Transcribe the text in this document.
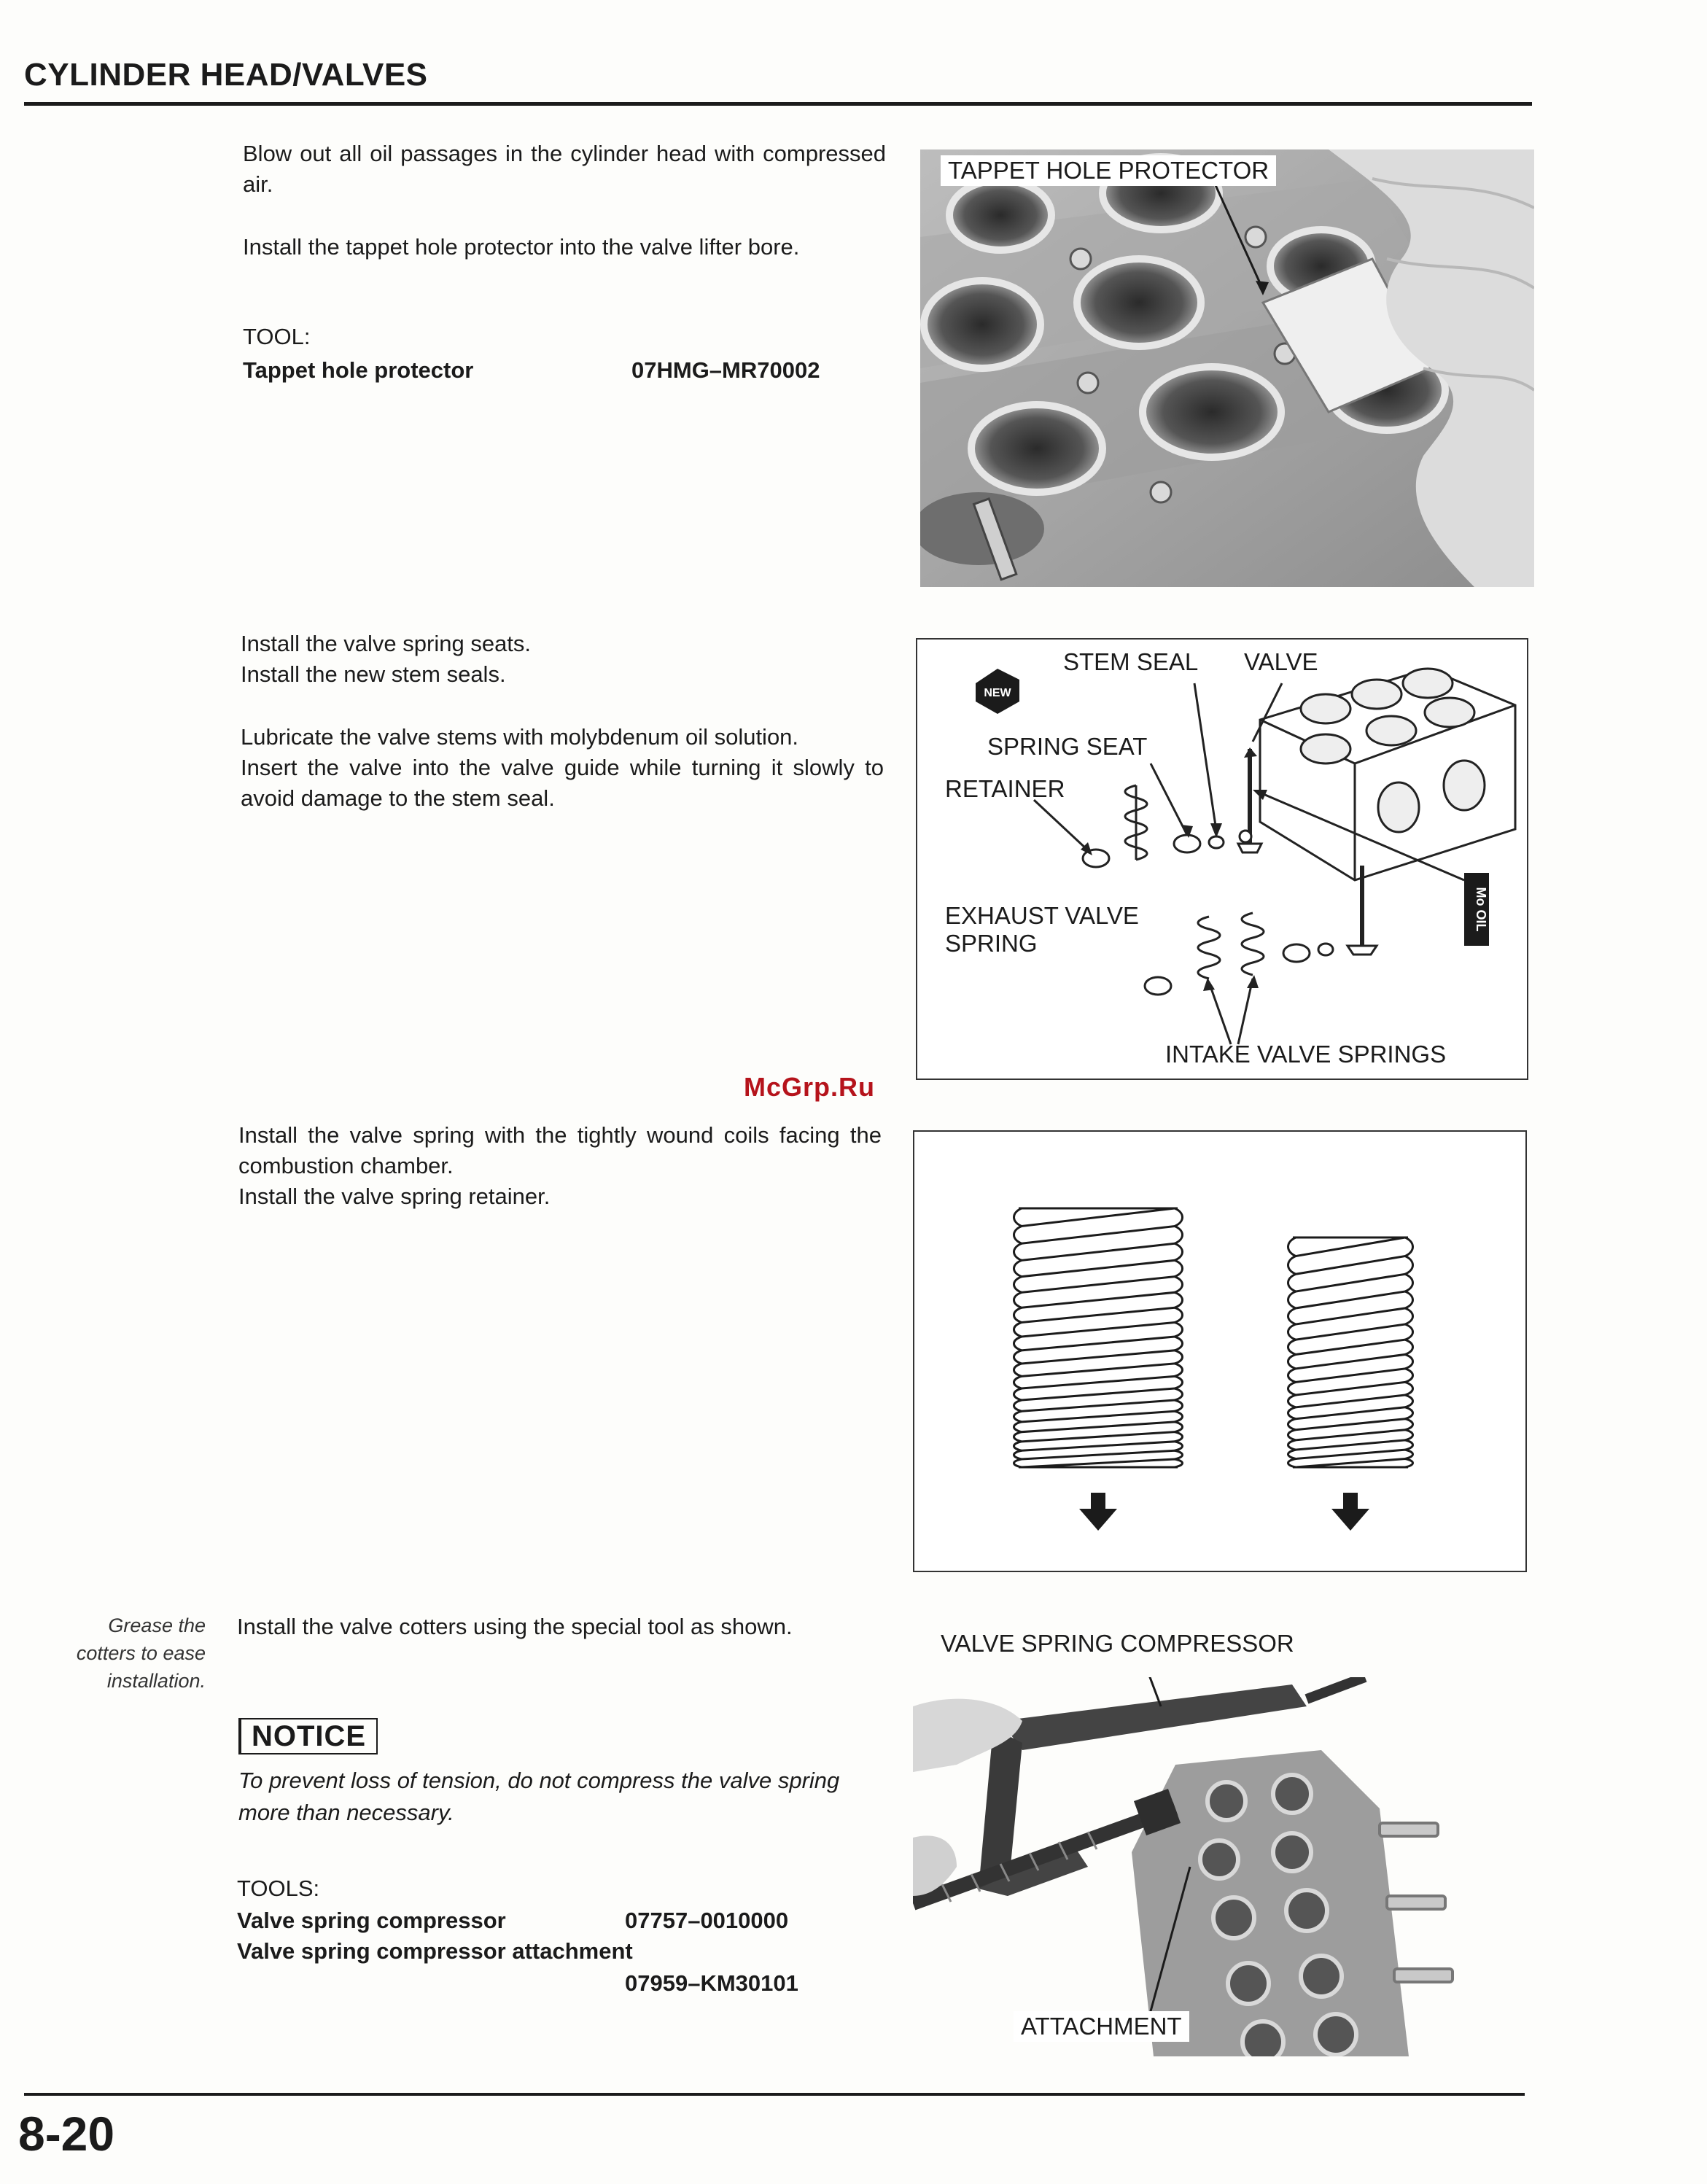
CYLINDER HEAD/VALVES
Blow out all oil passages in the cylinder head with compressed air.
Install the tappet hole protector into the valve lifter bore.
TOOL:
Tappet hole protector	07HMG–MR70002
TAPPET HOLE PROTECTOR
Install the valve spring seats.
Install the new stem seals.
Lubricate the valve stems with molybdenum oil solution.
Insert the valve into the valve guide while turning it slowly to avoid damage to the stem seal.
NEW
Mo OIL
STEM SEAL VALVE
SPRING SEAT
RETAINER
EXHAUST VALVE
SPRING
INTAKE VALVE SPRINGS
McGrp.Ru
Install the valve spring with the tightly wound coils facing the combustion chamber.
Install the valve spring retainer.
Grease the cotters to ease installation.
Install the valve cotters using the special tool as shown.
NOTICE
To prevent loss of tension, do not compress the valve spring more than necessary.
TOOLS:
Valve spring compressor	07757–0010000
Valve spring compressor attachment
07959–KM30101
VALVE SPRING COMPRESSOR
ATTACHMENT
8-20
